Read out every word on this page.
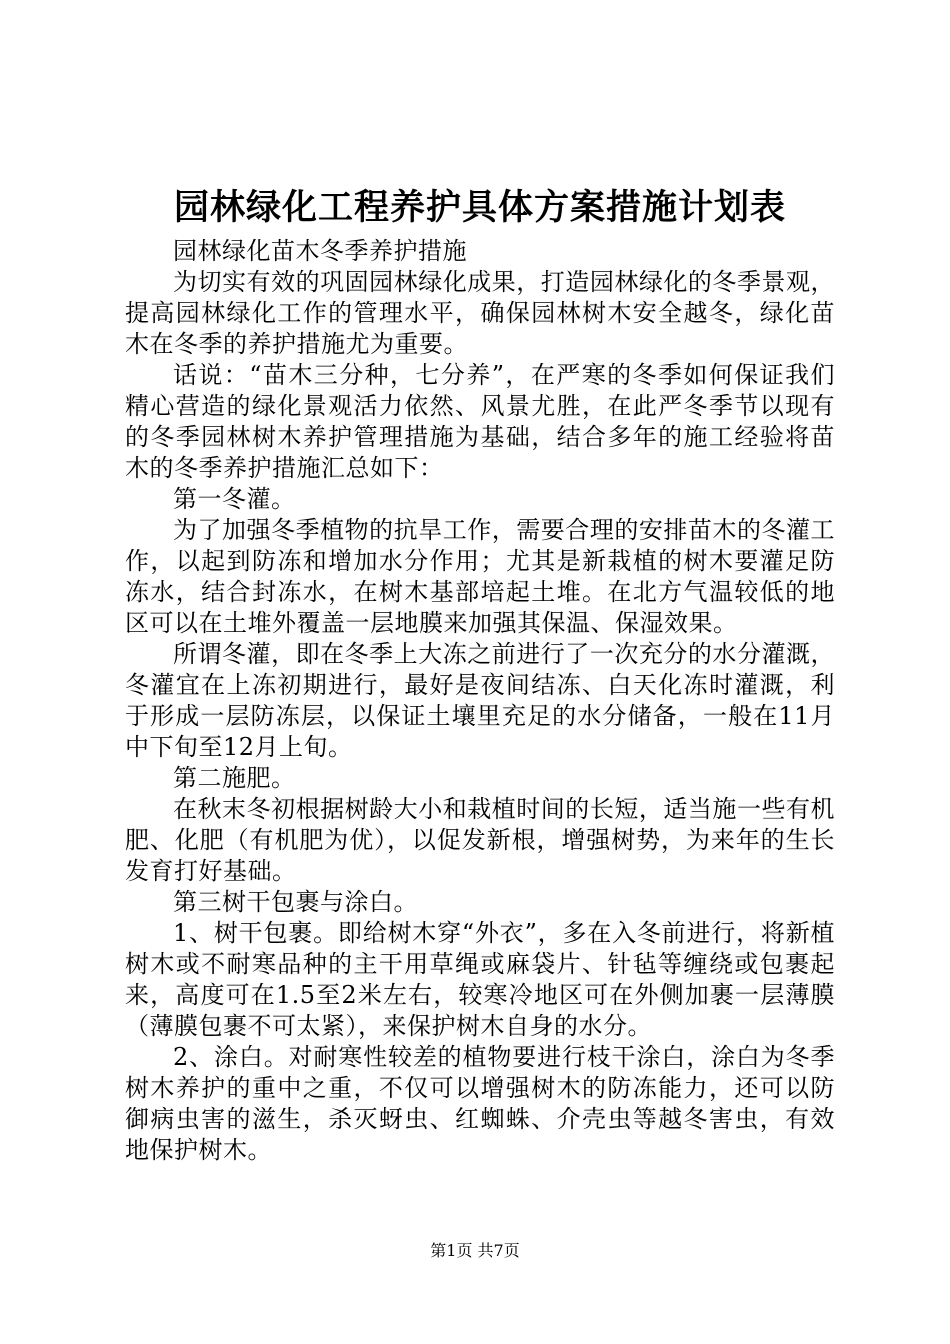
园林绿化工程养护具体方案措施计划表

园林绿化苗木冬季养护措施

为切实有效的巩固园林绿化成果，打造园林绿化的冬季景观，提高园林绿化工作的管理水平，确保园林树木安全越冬，绿化苗木在冬季的养护措施尤为重要。

话说：“苗木三分种，七分养”，在严寒的冬季如何保证我们精心营造的绿化景观活力依然、风景尤胜，在此严冬季节以现有的冬季园林树木养护管理措施为基础，结合多年的施工经验将苗木的冬季养护措施汇总如下：

第一冬灌。

为了加强冬季植物的抗旱工作，需要合理的安排苗木的冬灌工作，以起到防冻和增加水分作用；尤其是新栽植的树木要灌足防冻水，结合封冻水，在树木基部培起土堆。在北方气温较低的地区可以在土堆外覆盖一层地膜来加强其保温、保湿效果。

所谓冬灌，即在冬季上大冻之前进行了一次充分的水分灌溉，冬灌宜在上冻初期进行，最好是夜间结冻、白天化冻时灌溉，利于形成一层防冻层，以保证土壤里充足的水分储备，一般在11月中下旬至12月上旬。

第二施肥。

在秋末冬初根据树龄大小和栽植时间的长短，适当施一些有机肥、化肥（有机肥为优），以促发新根，增强树势，为来年的生长发育打好基础。

第三树干包裹与涂白。

1、树干包裹。即给树木穿“外衣”，多在入冬前进行，将新植树木或不耐寒品种的主干用草绳或麻袋片、针毡等缠绕或包裹起来，高度可在1.5至2米左右，较寒冷地区可在外侧加裹一层薄膜（薄膜包裹不可太紧），来保护树木自身的水分。

2、涂白。对耐寒性较差的植物要进行枝干涂白，涂白为冬季树木养护的重中之重，不仅可以增强树木的防冻能力，还可以防御病虫害的滋生，杀灭蚜虫、红蜘蛛、介壳虫等越冬害虫，有效地保护树木。

第1页 共7页
